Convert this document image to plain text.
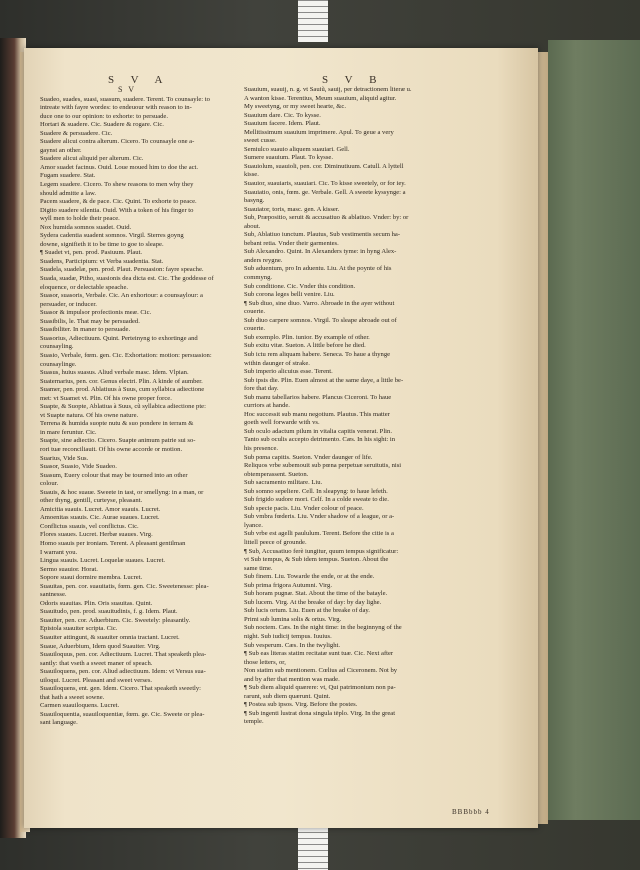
S V A	S V B
S V
Suadeo, suades, suasi, suasum, suadere. Terent. To counsayle: to
intreate with fayre wordes: to endeuour with reason to in-
duce one to our opinion: to exhorte: to persuade.
Hortari & suadere. Cic. Suadere & rogare. Cic.
Suadere & persuadere. Cic.
Suadere alicui contra alterum. Cicero. To counsayle one a-
gaynst an other.
Suadere alicui aliquid per alterum. Cic.
Amor suadet facinus. Ouid. Loue moued him to doe the act.
Fugam suadere. Stat.
Legem suadere. Cicero. To shew reasons to men why they
should admitte a law.
Pacem suadere, & de pace. Cic. Quint. To exhorte to peace.
Digito suadere silentia. Ouid. With a token of his finger to
wyll men to holde their peace.
Nox humida somnos suadet. Ouid.
Sydera cadentia suadent somnos. Virgil. Sterres goyng
downe, signifieth it to be time to goe to sleape.
¶ Suadet vt, pen. prod. Pasiuum. Plaut.
Suadens, Participium: vt Verba suadentia. Stat.
Suadela, suadelæ, pen. prod. Plaut. Persuasion: fayre speache.
Suada, suadæ, Pitho, suasionis dea dicta est. Cic. The goddesse of
eloquence, or delectable speache.
Suasor, suasoris, Verbale. Cic. An exhortour: a counsaylour: a
persuader, or inducer.
Suasor & impulsor profectionis meæ. Cic.
Suasibilis, le. That may be persuaded.
Suasibiliter. In maner to persuade.
Suasorius, Adiectiuum. Quint. Perteinyng to exhortinge and
counsayling.
Suasio, Verbale, fœm. gen. Cic. Exhortation: motion: persuasion:
counsaylinge.
Suasus, huius suasus. Aliud verbale masc. Idem. Vlpian.
Suaternarius, pen. cor. Genus electri. Plin. A kinde of aumber.
Suamer, pen. prod. Ablatiuus à Suus, cum syllabica adiectione
met: vt Suamet vi. Plin. Of his owne proper force.
Suapte, & Suopte, Ablatiua à Suus, cũ syllabica adiectione pte:
vt Suapte natura. Of his owne nature.
Terrena & humida suopte nutu & suo pondere in terram &
in mare feruntur. Cic.
Suapte, sine adiectio. Cicero. Suapte animum patrie sui so-
rori tuæ reconciliauit. Of his owne accorde or motion.
Suarius, Vide Sus.
Suasor, Suasio, Vide Suadeo.
Suasum, Euery colour that may be tourned into an other
colour.
Suauis, & hoc suaue. Sweete in tast, or smellyng: in a man, or
other thyng, gentill, curteyse, pleasant.
Amicitia suauis. Lucret. Amor suauis. Lucret.
Amoenitas suauis. Cic. Aurae suaues. Lucret.
Conflictus suauis, vel conflictus. Cic.
Flores suaues. Lucret. Herbæ suaues. Virg.
Homo suauis per ironiam. Terent. A pleasant gentilman
I warrant you.
Lingua suauis. Lucret. Loquelæ suaues. Lucret.
Sermo suauior. Horat.
Sopore suaui dormire membra. Lucret.
Suauitas, pen. cor. suauitatis, fœm. gen. Cic. Sweetenesse: plea-
santnesse.
Odoris suauitas. Plin. Oris suauitas. Quint.
Suauitudo, pen. prod. suauitudinis, f. g. Idem. Plaut.
Suauiter, pen. cor. Aduerbium. Cic. Sweetely: pleasantly.
Epistola suauiter scripta. Cic.
Suauiter attingunt, & suauiter omnia tractant. Lucret.
Suaue, Aduerbium, Idem quod Suauiter. Virg.
Suauiloquus, pen. cor. Adiectiuum. Lucret. That speaketh plea-
santly: that vseth a sweet maner of speach.
Suauiloquens, pen. cor. Aliud adiectiuum. Idem: vt Versus sua-
uiloqui. Lucret. Pleasant and sweet verses.
Suauiloquens, ent. gen. Idem. Cicero. That speaketh sweetly:
that hath a sweet sowne.
Carmen suauiloquens. Lucret.
Suauiloquentia, suauiloquentiæ, fœm. ge. Cic. Sweete or plea-
sant language.
Suauium, suauij, n. g. vt Sauiũ, sauij, per detractionem literæ u.
A wanton kisse. Terentius, Meum suauium, aliquid agitur.
My sweetyng, or my sweet hearte, &c.
Suauium dare. Cic. To kysse.
Suauium facere. Idem. Plaut.
Mellitissimum suauium imprimere. Apul. To geue a very
sweet cusse.
Semiulco suauio aliquem suauiari. Gell.
Sumere suauium. Plaut. To kysse.
Suauiolum, suauioli, pen. cor. Diminutiuum. Catull. A lyttell
kisse.
Suauior, suauiaris, suauiari. Cic. To kisse sweetely, or for iey.
Suauiatio, onis, fœm. ge. Verbale. Gell. A sweete kyssynge: a
basyng.
Suauiator, toris, masc. gen. A kisser.
Sub, Præpositio, seruit & accusatiuo & ablatiuo. Vnder: by: or
about.
Sub, Ablatiuo iunctum. Plautus, Sub vestimentis secum ha-
bebant retia. Vnder their garmentes.
Sub Alexandro. Quint. In Alexanders tyme: in hyng Alex-
anders reygne.
Sub aduentum, pro In aduentu. Liu. At the poynte of his
commyng.
Sub conditione. Cic. Vnder this condition.
Sub corona leges belli venire. Liu.
¶ Sub diuo, sine diuo. Varro. Abroade in the ayer without
couerte.
Sub diuo carpere somnos. Virgil. To sleape abroade out of
couerte.
Sub exemplo. Plin. iunior. By example of other.
Sub exitu vitæ. Sueton. A little before he died.
Sub ictu rem aliquam habere. Seneca. To haue a thynge
within daunger of strake.
Sub imperio alicuius esse. Terent.
Sub ipsis die. Plin. Euen almost at the same daye, a little be-
fore that day.
Sub manu tabellarios habere. Plancus Ciceroni. To haue
curriors at hande.
Hoc successit sub manu negotium. Plautus. This matter
goeth well forwarde with vs.
Sub oculo adactum pilum in vitalia capitis venerat. Plin.
Tanto sub oculis accepto detrimento. Cæs. In his sight: in
his presence.
Sub pœna capitis. Sueton. Vnder daunger of life.
Reliquos vrbe subemouit sub pœna perpetuæ seruitutis, nisi
obtemperassent. Sueton.
Sub sacramento militare. Liu.
Sub somno sepeliere. Cell. In sleapyng: to haue lefeth.
Sub frigido sudore mori. Celf. In a colde sweate to die.
Sub specie pacis. Liu. Vnder colour of peace.
Sub vmbra fœderis. Liu. Vnder shadow of a league, or a-
lyance.
Sub vrbe est agelli paululum. Terent. Before the citie is a
littell peece of grounde.
¶ Sub, Accusatiuo ferè iungitur, quum tempus significatur:
vt Sub tempus, & Sub idem tempus. Sueton. About the
same time.
Sub finem. Liu. Towarde the ende, or at the ende.
Sub prima frigora Autumni. Virg.
Sub horam pugnæ. Stat. About the time of the batayle.
Sub lucem. Virg. At the breake of day: by day lighe.
Sub lucis ortum. Liu. Euen at the breake of day.
Primi sub lumina solis & ortus. Virg.
Sub noctem. Cæs. In the night time: in the beginnyng of the
night. Sub iudicij tempus. Iuuius.
Sub vesperum. Cæs. In the twylight.
¶ Sub eas literas statim recitatæ sunt tuæ. Cic. Next after
those letters, or,
Non statim sub mentionem. Cœlius ad Ciceronem. Not by
and by after that mention was made.
¶ Sub diem aliquid quærere: vt, Qui patrimonium non pa-
rarunt, sub diem quærunt. Quint.
¶ Postea sub ipsos. Virg. Before the postes.
¶ Sub ingenti lustrat dona singula tēplo. Virg. In the great
temple.
BBBbbb 4
